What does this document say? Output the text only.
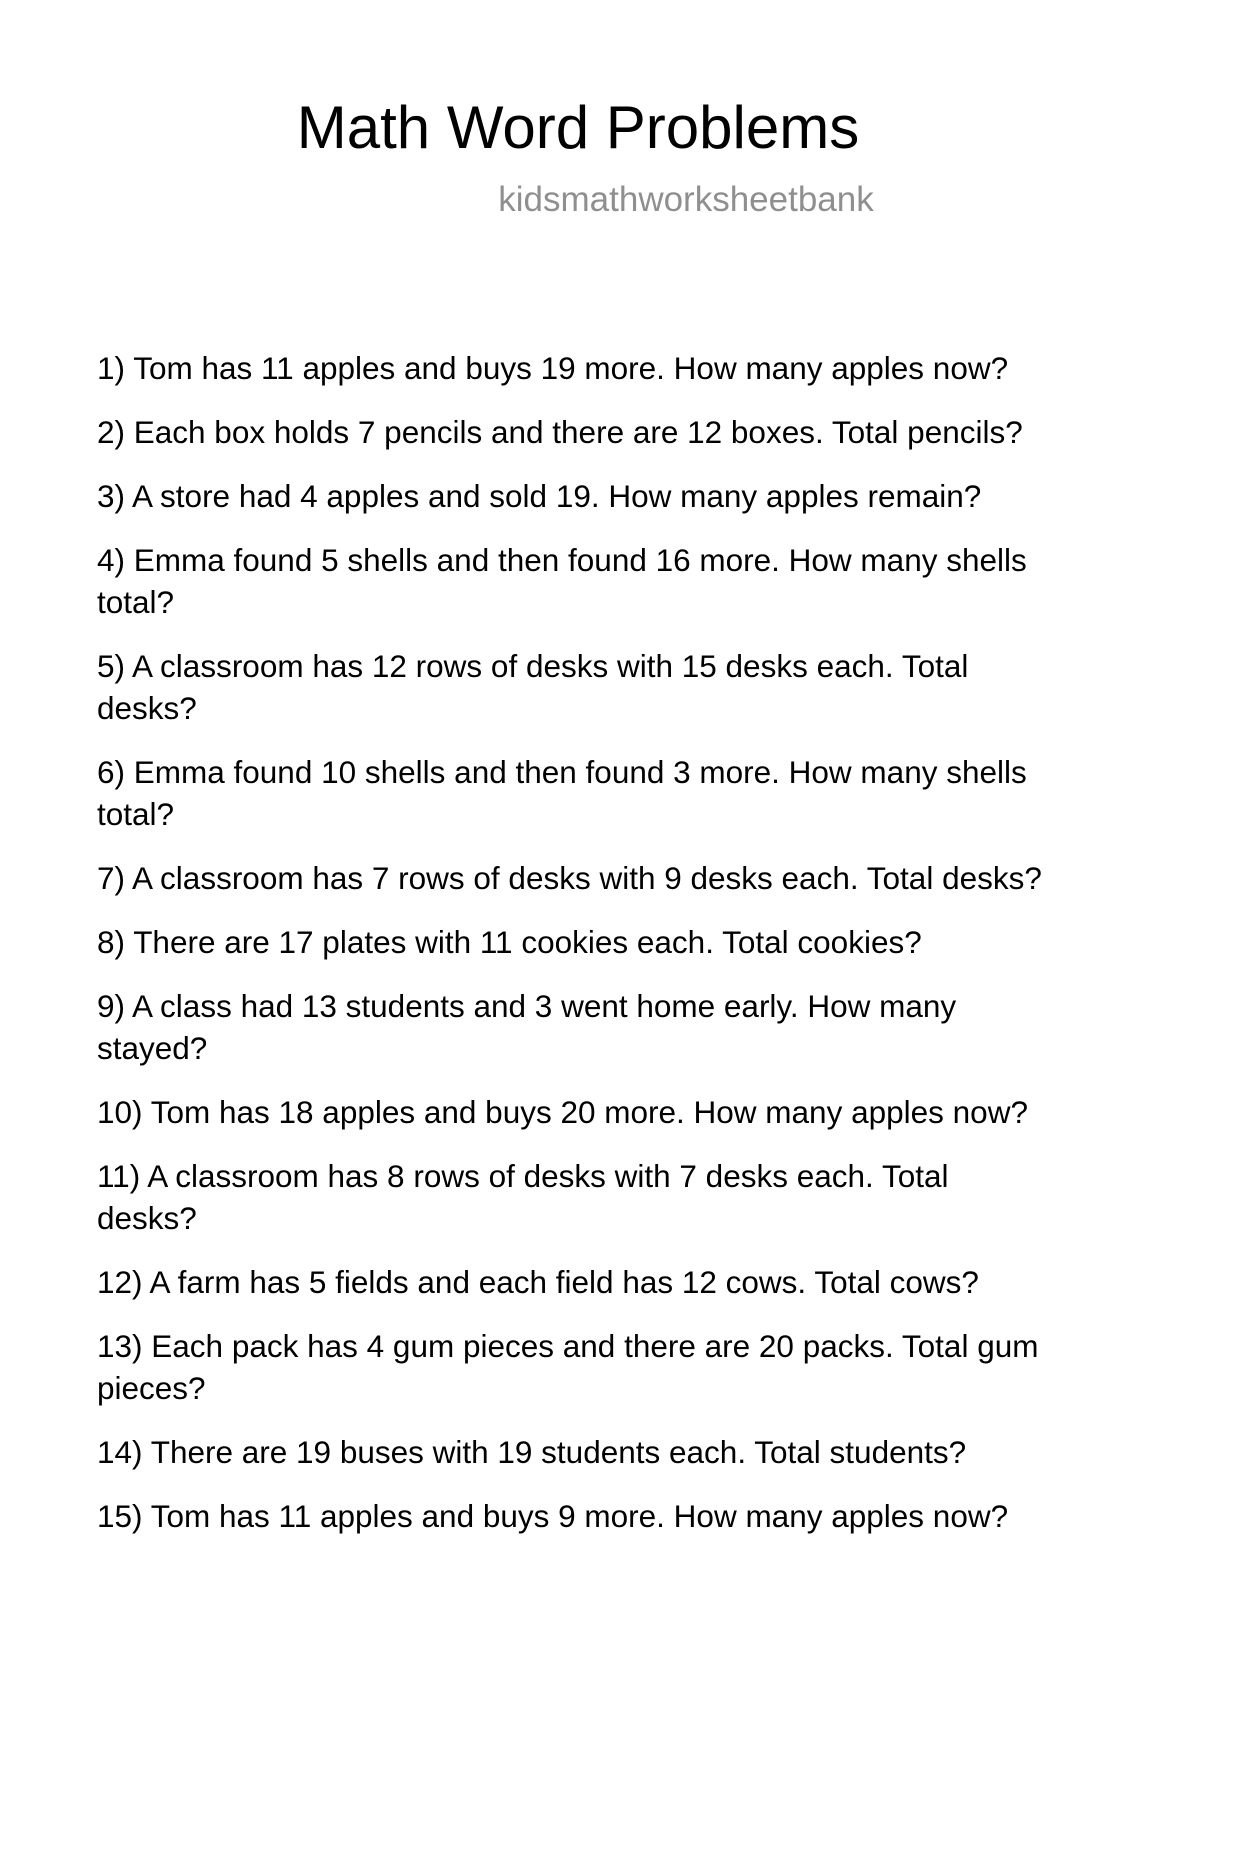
Math Word Problems
kidsmathworksheetbank

1) Tom has 11 apples and buys 19 more. How many apples now?

2) Each box holds 7 pencils and there are 12 boxes. Total pencils?

3) A store had 4 apples and sold 19. How many apples remain?

4) Emma found 5 shells and then found 16 more. How many shells total?

5) A classroom has 12 rows of desks with 15 desks each. Total desks?

6) Emma found 10 shells and then found 3 more. How many shells total?

7) A classroom has 7 rows of desks with 9 desks each. Total desks?

8) There are 17 plates with 11 cookies each. Total cookies?

9) A class had 13 students and 3 went home early. How many stayed?

10) Tom has 18 apples and buys 20 more. How many apples now?

11) A classroom has 8 rows of desks with 7 desks each. Total desks?

12) A farm has 5 fields and each field has 12 cows. Total cows?

13) Each pack has 4 gum pieces and there are 20 packs. Total gum pieces?

14) There are 19 buses with 19 students each. Total students?

15) Tom has 11 apples and buys 9 more. How many apples now?
